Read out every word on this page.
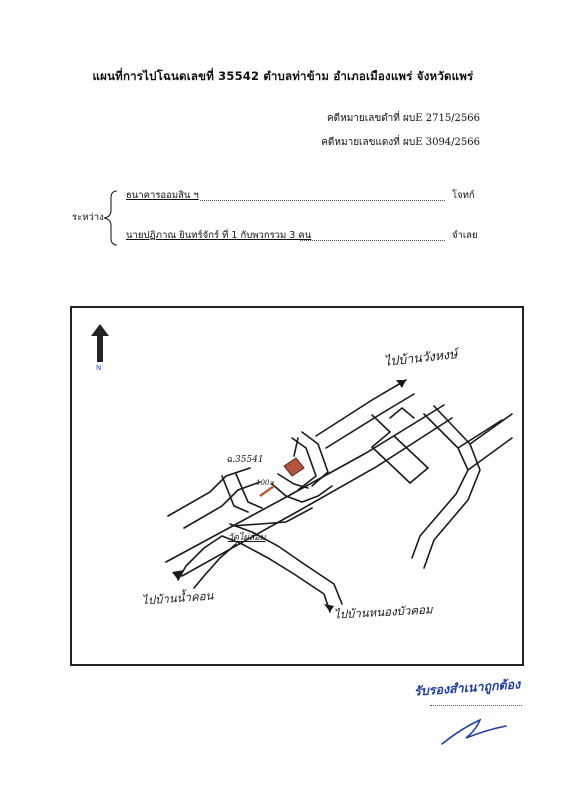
แผนที่การไปโฉนดเลขที่ 35542 ตำบลท่าข้าม อำเภอเมืองแพร่ จังหวัดแพร่
คดีหมายเลขดำที่ ผบE 2715/2566
คดีหมายเลขแดงที่ ผบE 3094/2566
ระหว่าง
ธนาคารออมสิน ฯ	โจทก์
นายปฏิภาณ ยินทร์จักร์ ที่ 1 กับพวกรวม 3 คน	จำเลย
N	ไปบ้านวังหงษ์
ฉ.35541
100ล
วัดไผ่ล้อม
ไปบ้านน้ำคอน
ไปบ้านหนองบัวคอม
รับรองสำเนาถูกต้อง
